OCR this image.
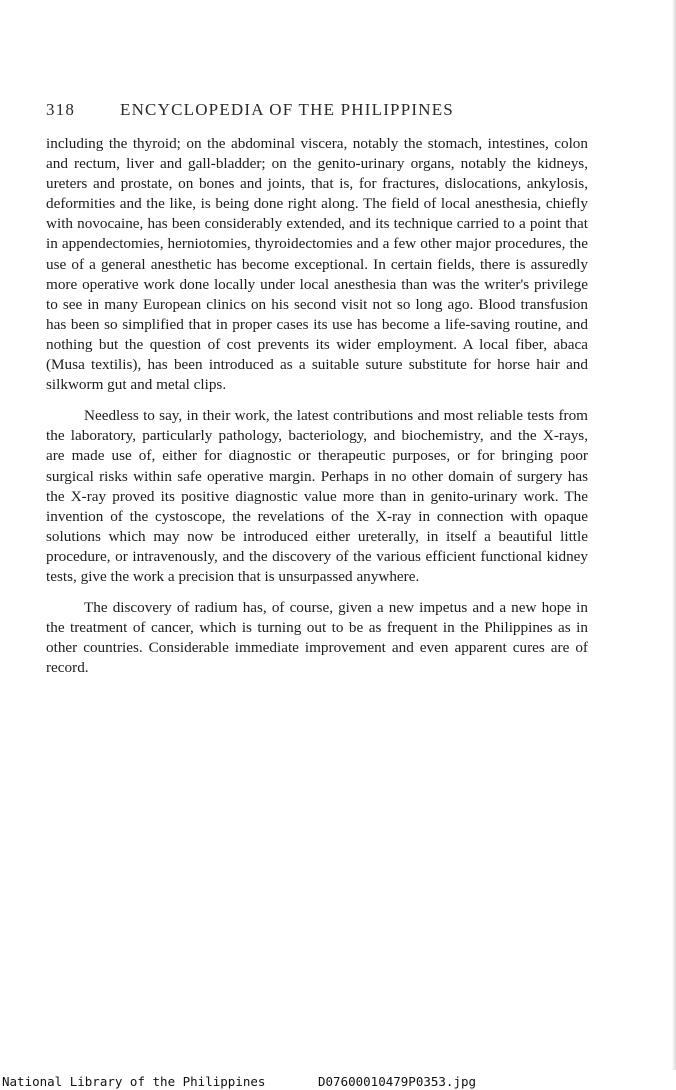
318	ENCYCLOPEDIA OF THE PHILIPPINES

including the thyroid; on the abdominal viscera, notably the stomach, intestines, colon and rectum, liver and gall-bladder; on the genito-urinary organs, notably the kidneys, ureters and prostate, on bones and joints, that is, for fractures, dislocations, ankylosis, deformities and the like, is being done right along. The field of local anesthesia, chiefly with novocaine, has been considerably extended, and its technique carried to a point that in appendectomies, herniotomies, thyroidectomies and a few other major procedures, the use of a general anesthetic has become exceptional. In certain fields, there is assuredly more operative work done locally under local anesthesia than was the writer's privilege to see in many European clinics on his second visit not so long ago. Blood transfusion has been so simplified that in proper cases its use has become a life-saving routine, and nothing but the question of cost prevents its wider employment. A local fiber, abaca (Musa textilis), has been introduced as a suitable suture substitute for horse hair and silkworm gut and metal clips.

Needless to say, in their work, the latest contributions and most reliable tests from the laboratory, particularly pathology, bacteriology, and biochemistry, and the X-rays, are made use of, either for diagnostic or therapeutic purposes, or for bringing poor surgical risks within safe operative margin. Perhaps in no other domain of surgery has the X-ray proved its positive diagnostic value more than in genito-urinary work. The invention of the cystoscope, the revelations of the X-ray in connection with opaque solutions which may now be introduced either ureterally, in itself a beautiful little procedure, or intravenously, and the discovery of the various efficient functional kidney tests, give the work a precision that is unsurpassed anywhere.

The discovery of radium has, of course, given a new impetus and a new hope in the treatment of cancer, which is turning out to be as frequent in the Philippines as in other countries. Considerable immediate improvement and even apparent cures are of record.

National Library of the Philippines	D07600010479P0353.jpg
